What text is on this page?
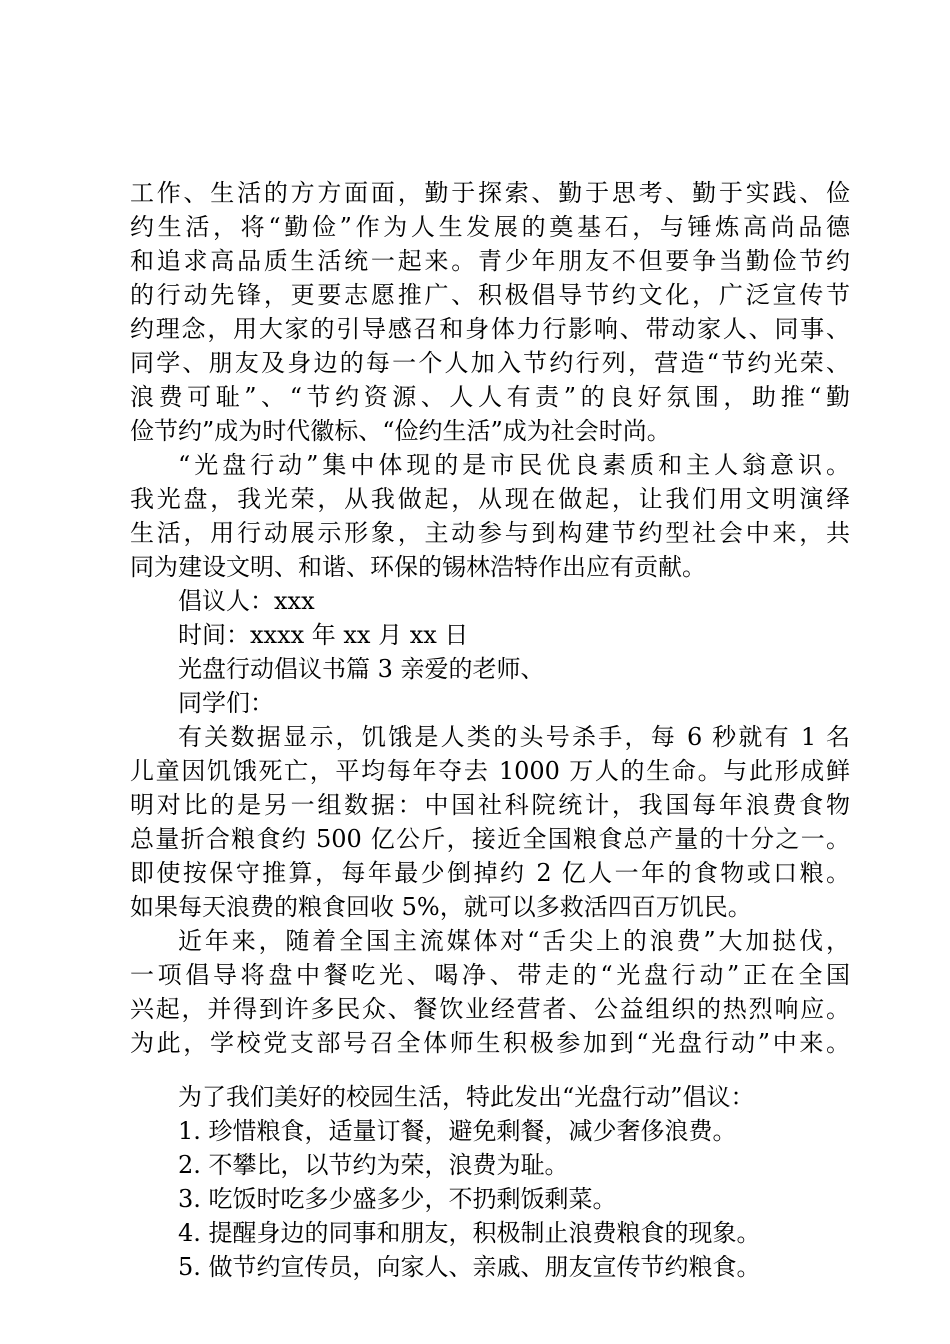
工作、生活的方方面面，勤于探索、勤于思考、勤于实践、俭
约生活，将“勤俭”作为人生发展的奠基石，与锤炼高尚品德
和追求高品质生活统一起来。青少年朋友不但要争当勤俭节约
的行动先锋，更要志愿推广、积极倡导节约文化，广泛宣传节
约理念，用大家的引导感召和身体力行影响、带动家人、同事、
同学、朋友及身边的每一个人加入节约行列，营造“节约光荣、
浪费可耻”、“节约资源、人人有责”的良好氛围，助推“勤
俭节约”成为时代徽标、“俭约生活”成为社会时尚。
“光盘行动”集中体现的是市民优良素质和主人翁意识。
我光盘，我光荣，从我做起，从现在做起，让我们用文明演绎
生活，用行动展示形象，主动参与到构建节约型社会中来，共
同为建设文明、和谐、环保的锡林浩特作出应有贡献。
倡议人：xxx
时间：xxxx 年 xx 月 xx 日
光盘行动倡议书篇 3 亲爱的老师、
同学们：
有关数据显示，饥饿是人类的头号杀手，每 6 秒就有 1 名
儿童因饥饿死亡，平均每年夺去 1000 万人的生命。与此形成鲜
明对比的是另一组数据：中国社科院统计，我国每年浪费食物
总量折合粮食约 500 亿公斤，接近全国粮食总产量的十分之一。
即使按保守推算，每年最少倒掉约 2 亿人一年的食物或口粮。
如果每天浪费的粮食回收 5%，就可以多救活四百万饥民。
近年来，随着全国主流媒体对“舌尖上的浪费”大加挞伐，
一项倡导将盘中餐吃光、喝净、带走的“光盘行动”正在全国
兴起，并得到许多民众、餐饮业经营者、公益组织的热烈响应。
为此，学校党支部号召全体师生积极参加到“光盘行动”中来。
为了我们美好的校园生活，特此发出“光盘行动”倡议：
1. 珍惜粮食，适量订餐，避免剩餐，减少奢侈浪费。
2. 不攀比，以节约为荣，浪费为耻。
3. 吃饭时吃多少盛多少，不扔剩饭剩菜。
4. 提醒身边的同事和朋友，积极制止浪费粮食的现象。
5. 做节约宣传员，向家人、亲戚、朋友宣传节约粮食。
